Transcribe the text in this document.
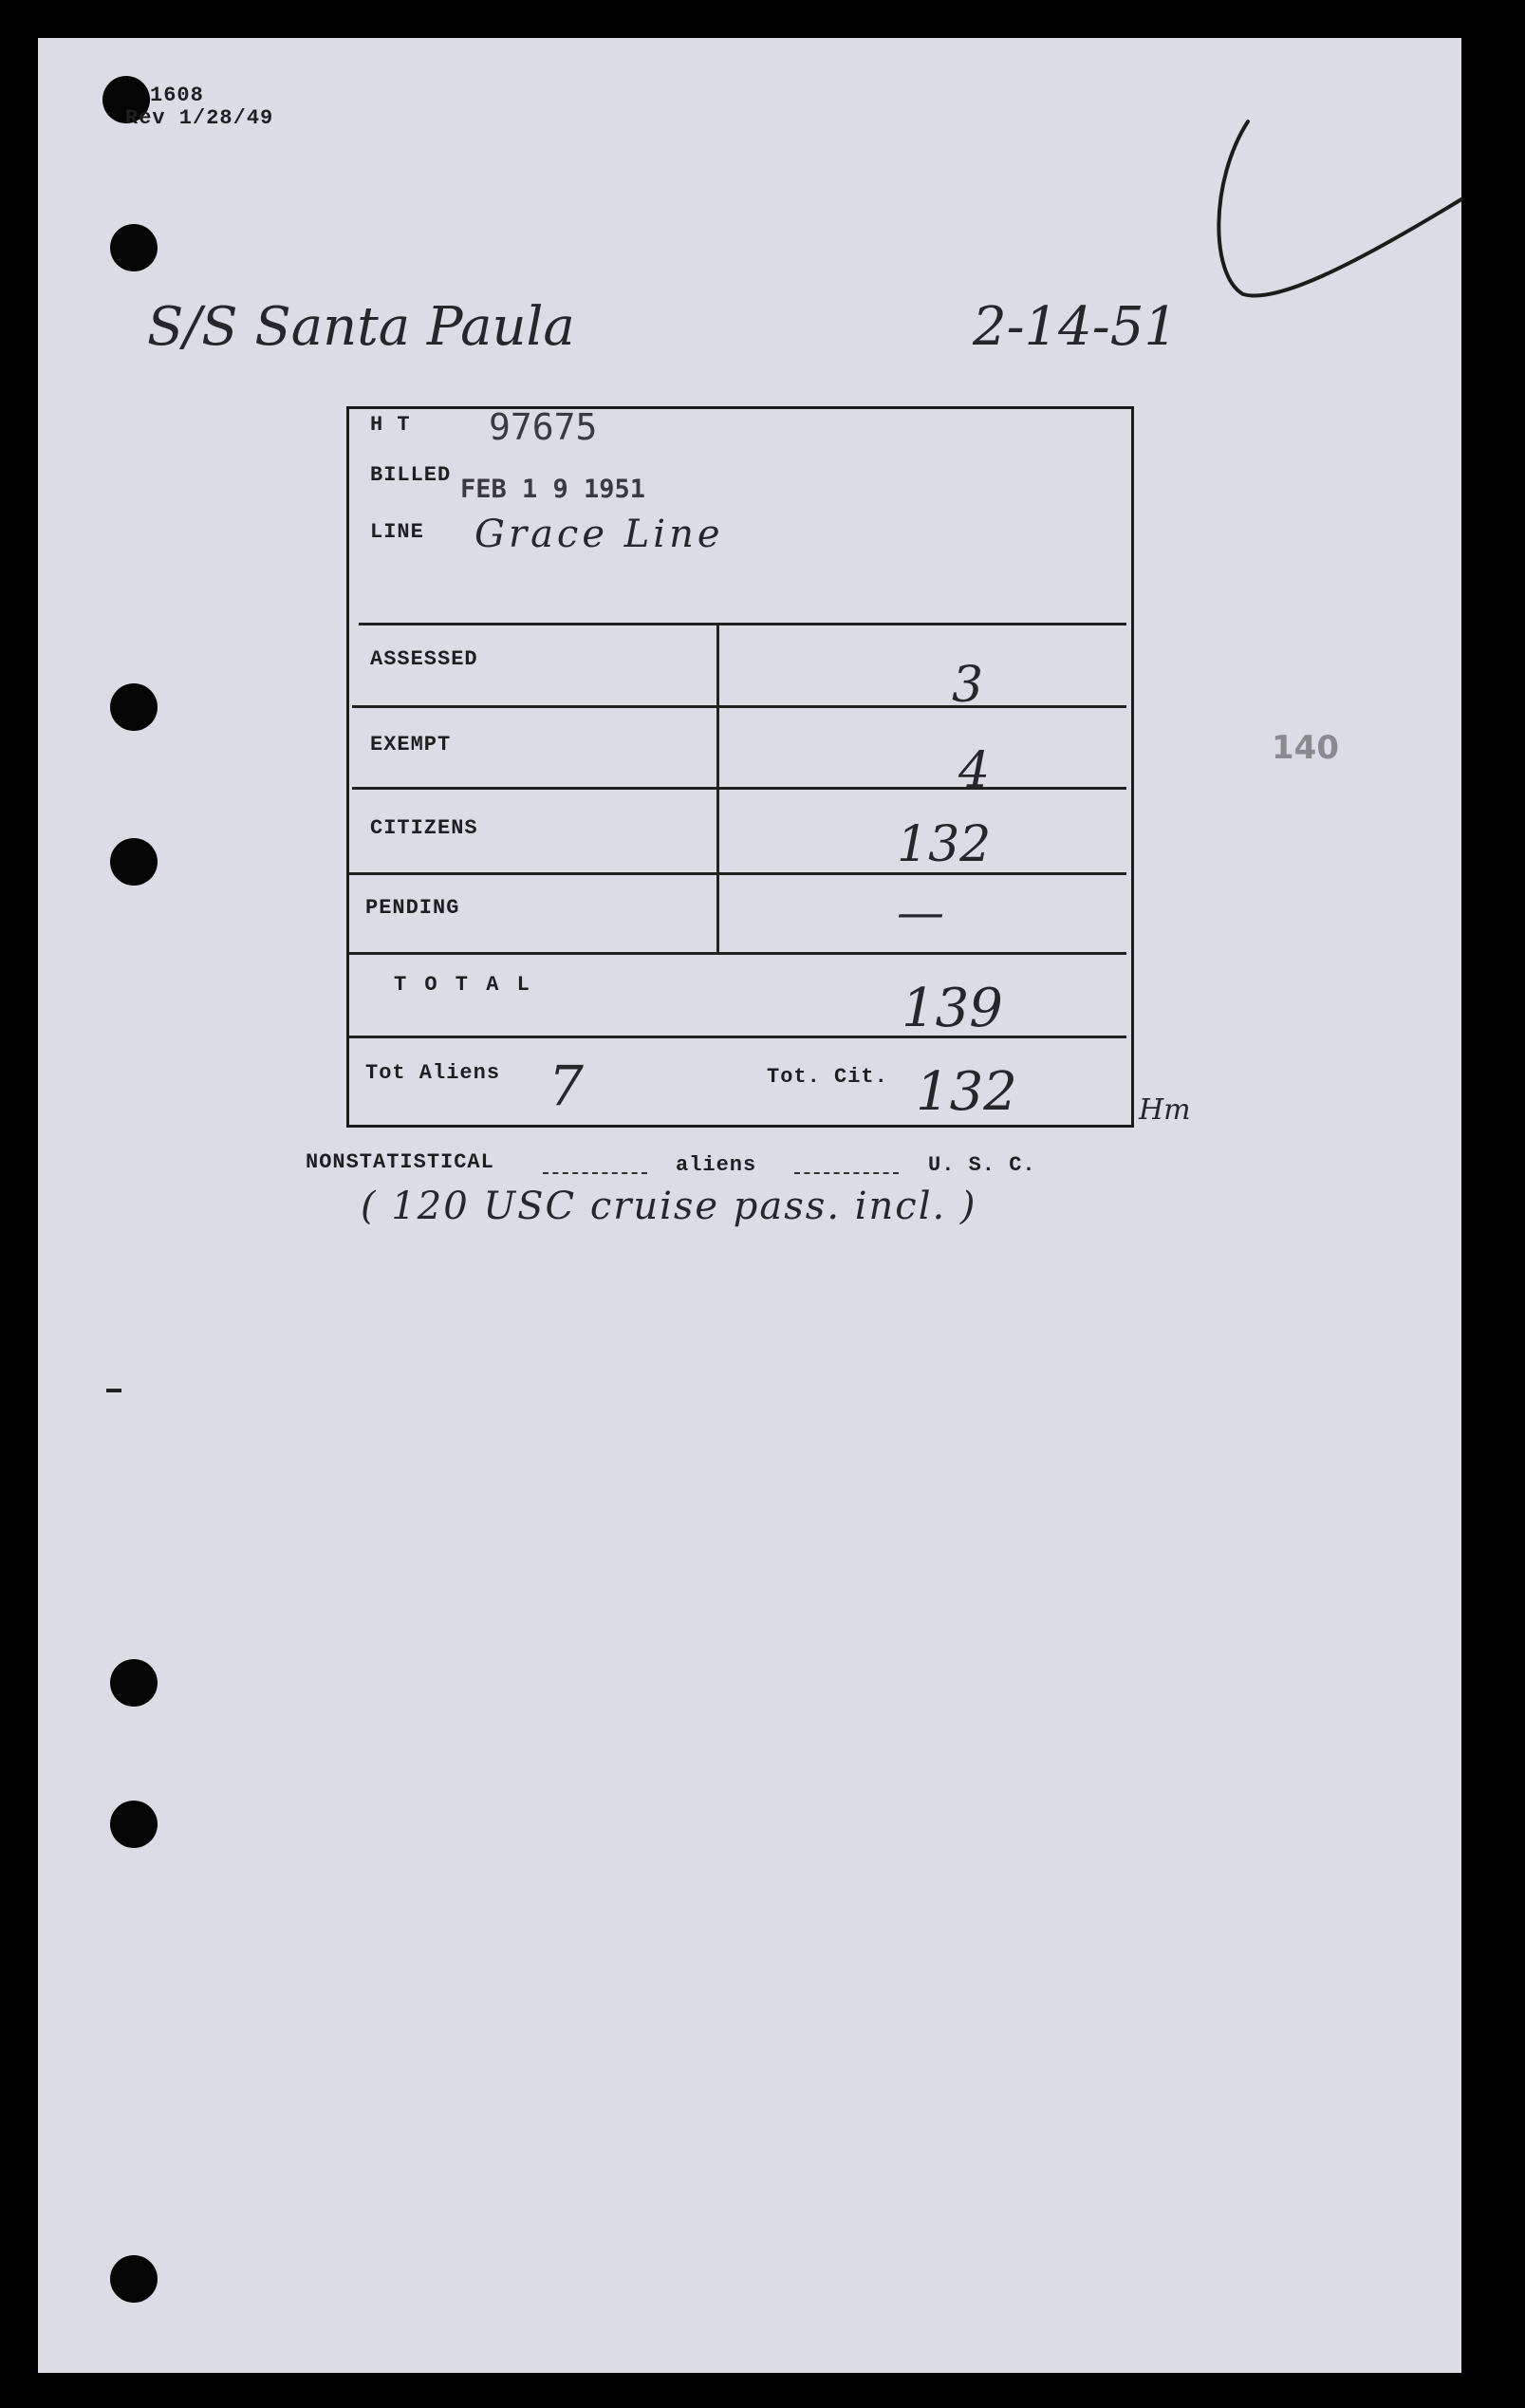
1608
Rev 1/28/49
S/S Santa Paula	2-14-51
140
H T 97675
BILLED FEB 1 9 1951
LINE Grace Line
ASSESSED	3
EXEMPT	4
CITIZENS	132
PENDING	—
T O T A L	139
Tot Aliens 7	Tot. Cit. 132	Hm
NONSTATISTICAL	aliens	U. S. C.
( 120 USC cruise pass. incl. )
